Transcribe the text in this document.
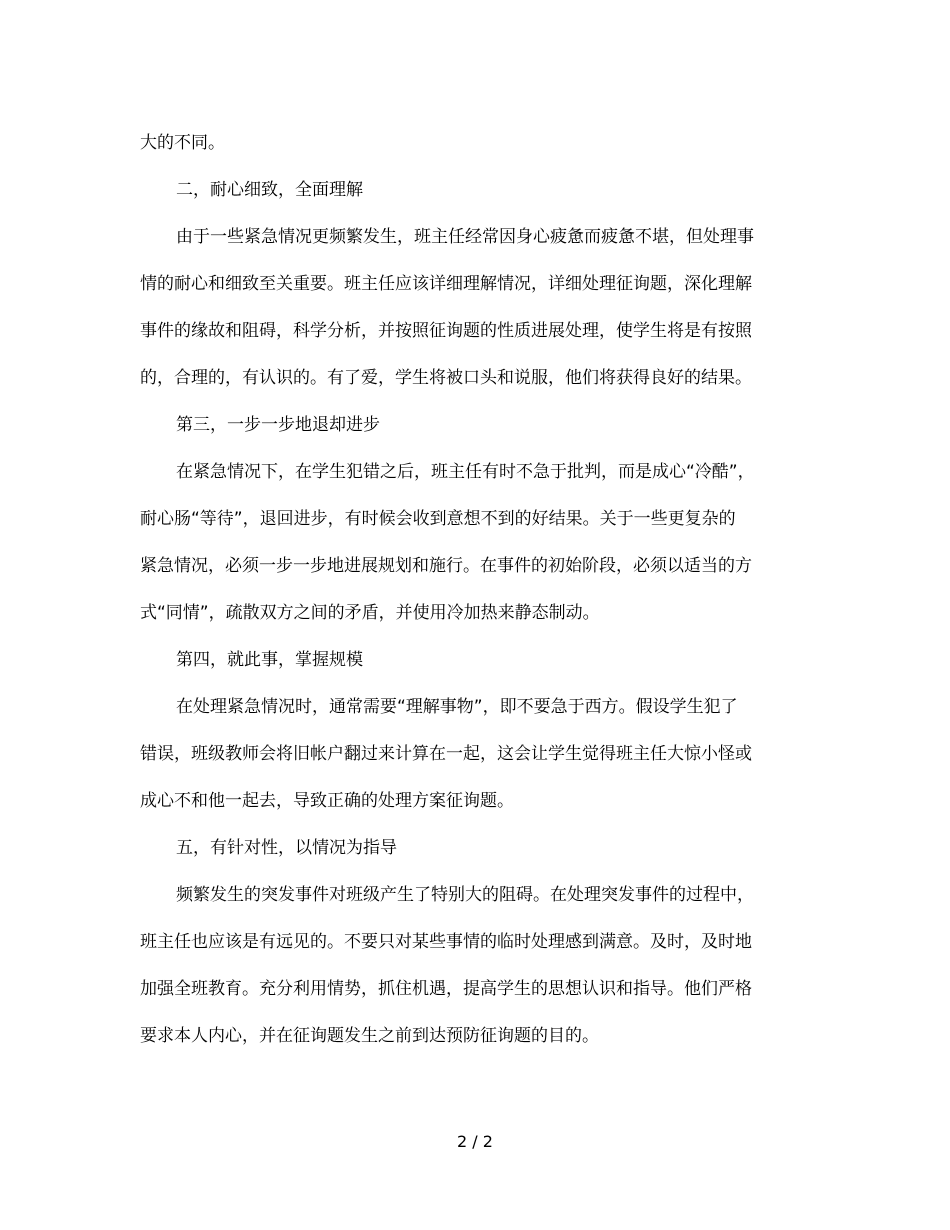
大的不同。
二，耐心细致，全面理解
由于一些紧急情况更频繁发生，班主任经常因身心疲惫而疲惫不堪，但处理事
情的耐心和细致至关重要。班主任应该详细理解情况，详细处理征询题，深化理解
事件的缘故和阻碍，科学分析，并按照征询题的性质进展处理，使学生将是有按照
的，合理的，有认识的。有了爱，学生将被口头和说服，他们将获得良好的结果。
第三，一步一步地退却进步
在紧急情况下，在学生犯错之后，班主任有时不急于批判，而是成心“冷酷”，
耐心肠“等待”，退回进步，有时候会收到意想不到的好结果。关于一些更复杂的
紧急情况，必须一步一步地进展规划和施行。在事件的初始阶段，必须以适当的方
式“同情”，疏散双方之间的矛盾，并使用冷加热来静态制动。
第四，就此事，掌握规模
在处理紧急情况时，通常需要“理解事物”，即不要急于西方。假设学生犯了
错误，班级教师会将旧帐户翻过来计算在一起，这会让学生觉得班主任大惊小怪或
成心不和他一起去，导致正确的处理方案征询题。
五，有针对性，以情况为指导
频繁发生的突发事件对班级产生了特别大的阻碍。在处理突发事件的过程中，
班主任也应该是有远见的。不要只对某些事情的临时处理感到满意。及时，及时地
加强全班教育。充分利用情势，抓住机遇，提高学生的思想认识和指导。他们严格
要求本人内心，并在征询题发生之前到达预防征询题的目的。
2 / 2
